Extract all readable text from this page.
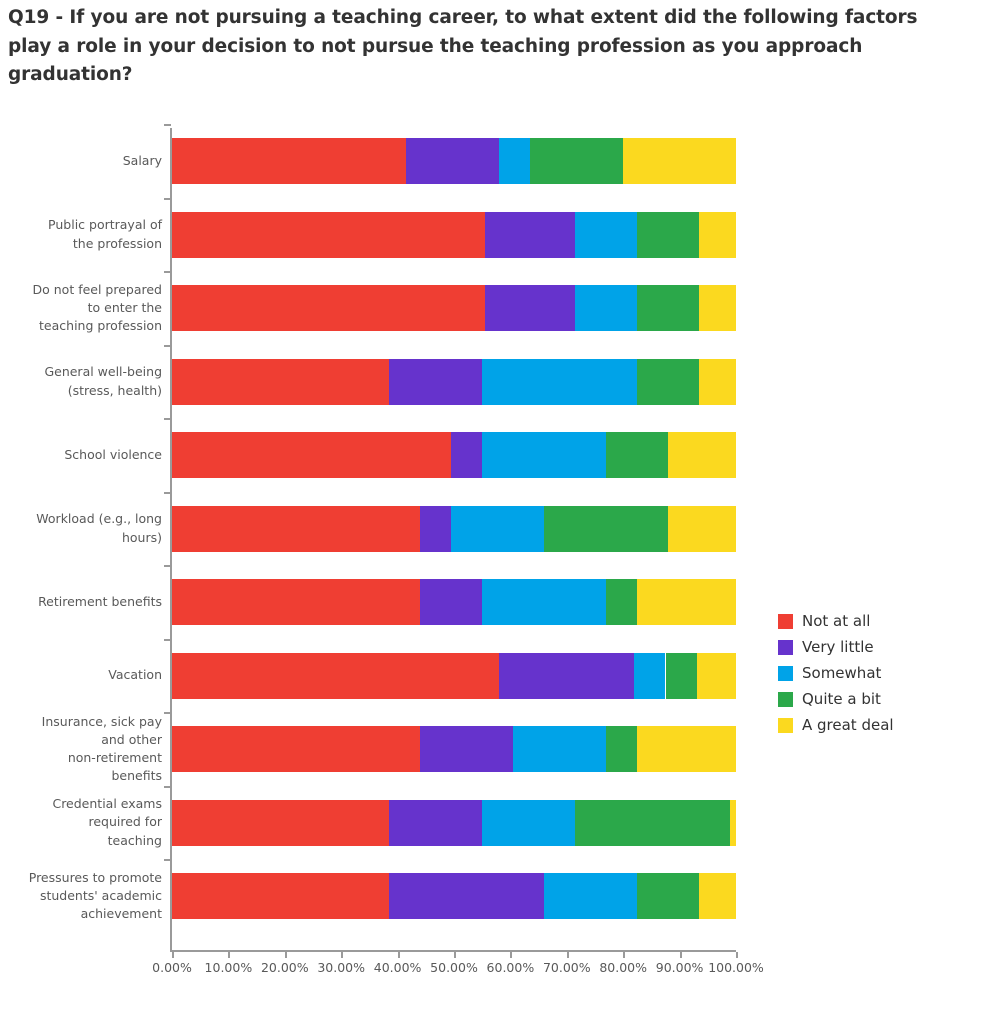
Q19 - If you are not pursuing a teaching career, to what extent did the following factors play a role in your decision to not pursue the teaching profession as you approach graduation?
Salary
Public portrayal of
the profession
Do not feel prepared
to enter the
teaching profession
General well-being
(stress, health)
School violence
Workload (e.g., long
hours)
Retirement benefits
Vacation
Insurance, sick pay
and other
non-retirement
benefits
Credential exams
required for
teaching
Pressures to promote
students' academic
achievement
0.00% 10.00% 20.00% 30.00% 40.00% 50.00% 60.00% 70.00% 80.00% 90.00% 100.00%
Not at all
Very little
Somewhat
Quite a bit
A great deal
